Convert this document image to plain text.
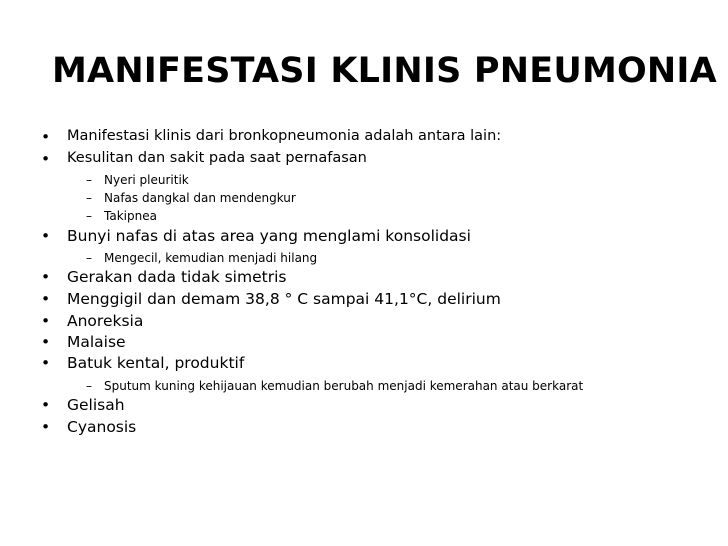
MANIFESTASI KLINIS PNEUMONIA
• Manifestasi klinis dari bronkopneumonia adalah antara lain:
• Kesulitan dan sakit pada saat pernafasan
– Nyeri pleuritik
– Nafas dangkal dan mendengkur
– Takipnea
• Bunyi nafas di atas area yang menglami konsolidasi
– Mengecil, kemudian menjadi hilang
• Gerakan dada tidak simetris
• Menggigil dan demam 38,8 ° C sampai 41,1°C, delirium
• Anoreksia
• Malaise
• Batuk kental, produktif
– Sputum kuning kehijauan kemudian berubah menjadi kemerahan atau berkarat
• Gelisah
• Cyanosis
